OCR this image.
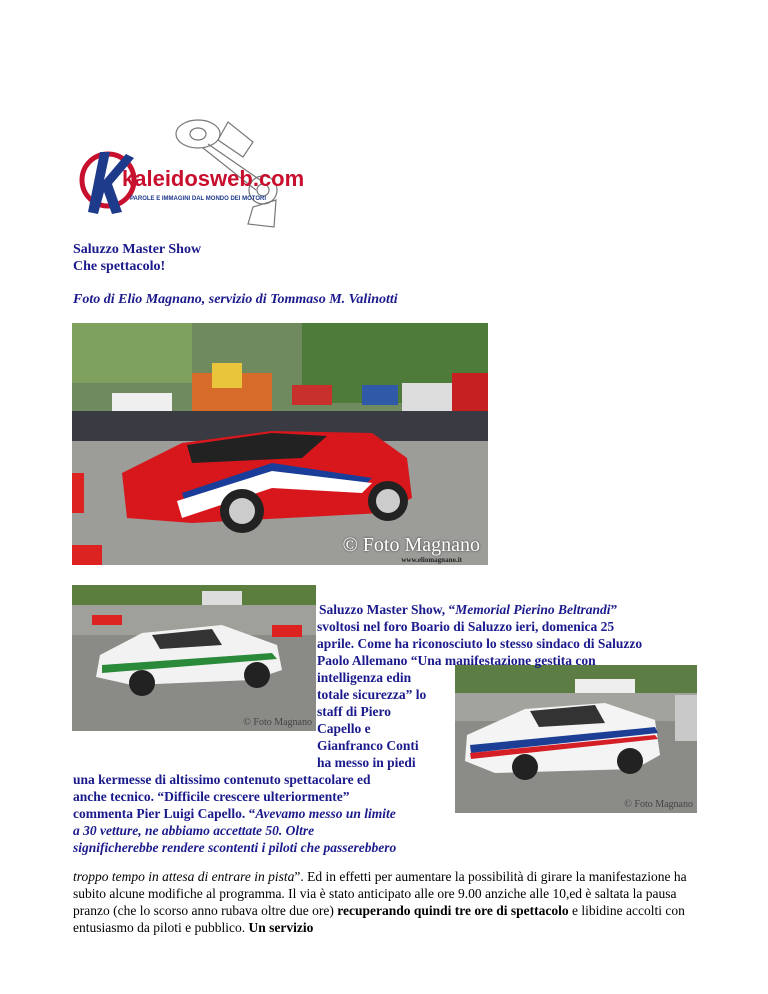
kaleidosweb.com
PAROLE E IMMAGINI DAL MONDO DEI MOTORI
Saluzzo Master Show
Che spettacolo!
Foto di Elio Magnano, servizio di Tommaso M. Valinotti
© Foto Magnano
www.eliomagnano.it
© Foto Magnano
© Foto Magnano
Saluzzo Master Show, “Memorial Pierino Beltrandi”
svoltosi nel foro Boario di Saluzzo ieri, domenica 25
aprile. Come ha riconosciuto lo stesso sindaco di Saluzzo
Paolo Allemano “Una manifestazione gestita con
intelligenza edin
totale sicurezza” lo
staff di Piero
Capello e
Gianfranco Conti
ha messo in piedi
una kermesse di altissimo contenuto spettacolare ed
anche tecnico. “Difficile crescere ulteriormente”
commenta Pier Luigi Capello. “Avevamo messo un limite
a 30 vetture, ne abbiamo accettate 50. Oltre
significherebbe rendere scontenti i piloti che passerebbero
troppo tempo in attesa di entrare in pista”. Ed in effetti per aumentare la possibilità di girare la manifestazione ha subito alcune modifiche al programma. Il via è stato anticipato alle ore 9.00 anziche alle 10,ed è saltata la pausa pranzo (che lo scorso anno rubava oltre due ore) recuperando quindi tre ore di spettacolo e libidine accolti con entusiasmo da piloti e pubblico. Un servizio
